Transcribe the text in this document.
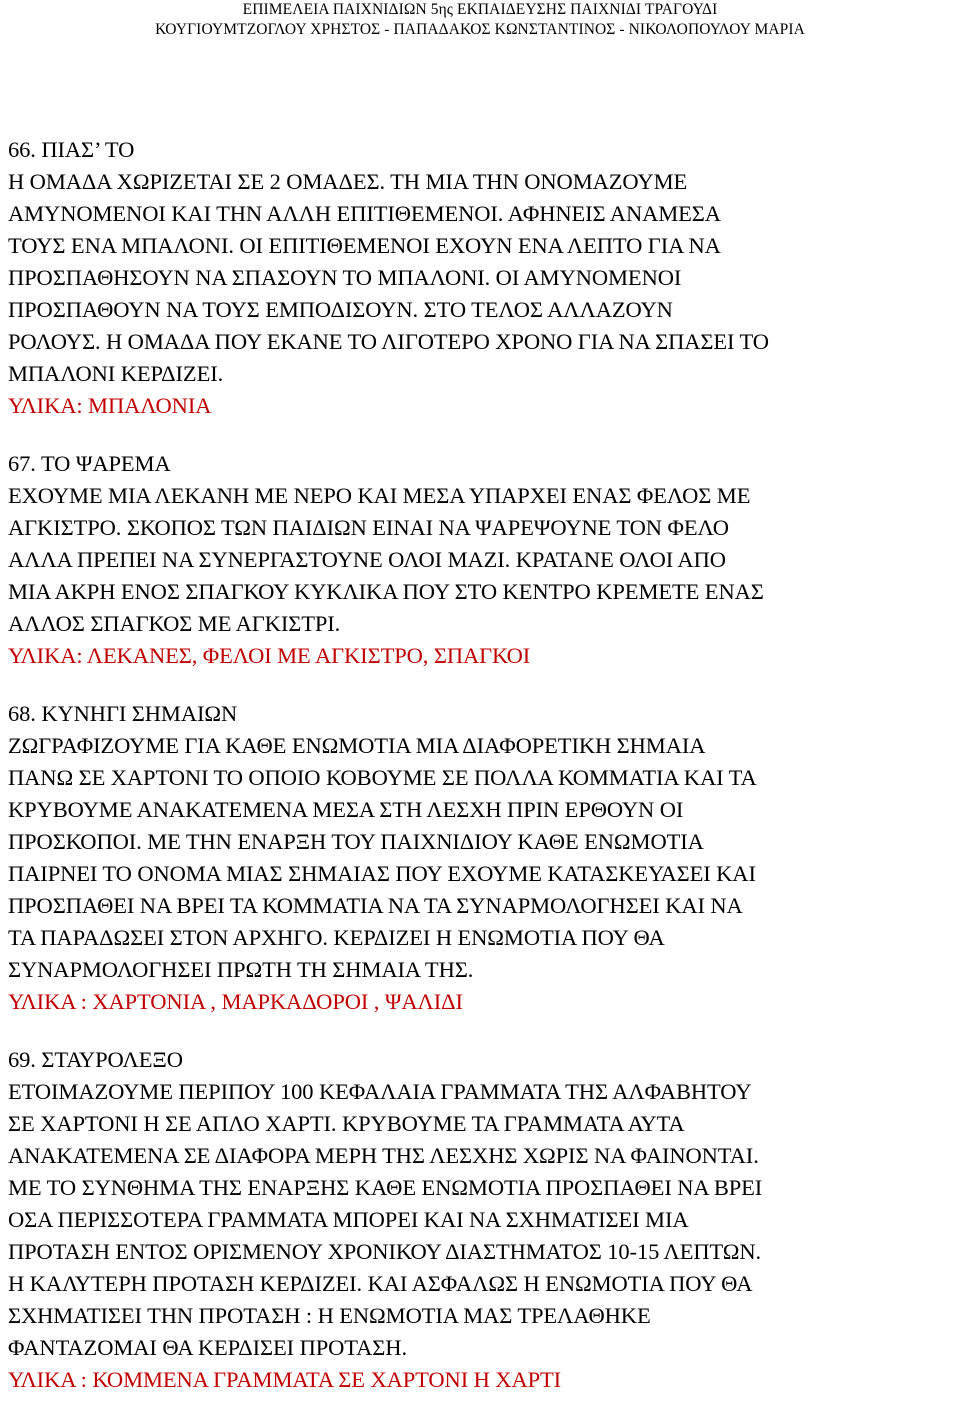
ΕΠΙΜΕΛΕΙΑ ΠΑΙΧΝΙΔΙΩΝ 5ης ΕΚΠΑΙΔΕΥΣΗΣ ΠΑΙΧΝΙΔΙ ΤΡΑΓΟΥΔΙ
ΚΟΥΓΙΟΥΜΤΖΟΓΛΟΥ ΧΡΗΣΤΟΣ - ΠΑΠΑΔΑΚΟΣ ΚΩΝΣΤΑΝΤΙΝΟΣ - ΝΙΚΟΛΟΠΟΥΛΟΥ ΜΑΡΙΑ
66. ΠΙΑΣ’ ΤΟ
Η ΟΜΑΔΑ ΧΩΡΙΖΕΤΑΙ ΣΕ 2 ΟΜΑΔΕΣ. ΤΗ ΜΙΑ ΤΗΝ ΟΝΟΜΑΖΟΥΜΕ
ΑΜΥΝΟΜΕΝΟΙ ΚΑΙ ΤΗΝ ΑΛΛΗ ΕΠΙΤΙΘΕΜΕΝΟΙ. ΑΦΗΝΕΙΣ ΑΝΑΜΕΣΑ
ΤΟΥΣ ΕΝΑ ΜΠΑΛΟΝΙ. ΟΙ ΕΠΙΤΙΘΕΜΕΝΟΙ ΕΧΟΥΝ ΕΝΑ ΛΕΠΤΟ ΓΙΑ ΝΑ
ΠΡΟΣΠΑΘΗΣΟΥΝ ΝΑ ΣΠΑΣΟΥΝ ΤΟ ΜΠΑΛΟΝΙ. ΟΙ ΑΜΥΝΟΜΕΝΟΙ
ΠΡΟΣΠΑΘΟΥΝ ΝΑ ΤΟΥΣ ΕΜΠΟΔΙΣΟΥΝ. ΣΤΟ ΤΕΛΟΣ ΑΛΛΑΖΟΥΝ
ΡΟΛΟΥΣ. Η ΟΜΑΔΑ ΠΟΥ ΕΚΑΝΕ ΤΟ ΛΙΓΟΤΕΡΟ ΧΡΟΝΟ ΓΙΑ ΝΑ ΣΠΑΣΕΙ ΤΟ
ΜΠΑΛΟΝΙ ΚΕΡΔΙΖΕΙ.
ΥΛΙΚΑ: ΜΠΑΛΟΝΙΑ
67. ΤΟ ΨΑΡΕΜΑ
ΕΧΟΥΜΕ ΜΙΑ ΛΕΚΑΝΗ ΜΕ ΝΕΡΟ ΚΑΙ ΜΕΣΑ ΥΠΑΡΧΕΙ ΕΝΑΣ ΦΕΛΟΣ ΜΕ
ΑΓΚΙΣΤΡΟ. ΣΚΟΠΟΣ ΤΩΝ ΠΑΙΔΙΩΝ ΕΙΝΑΙ ΝΑ ΨΑΡΕΨΟΥΝΕ ΤΟΝ ΦΕΛΟ
ΑΛΛΑ ΠΡΕΠΕΙ ΝΑ ΣΥΝΕΡΓΑΣΤΟΥΝΕ ΟΛΟΙ ΜΑΖΙ. ΚΡΑΤΑΝΕ ΟΛΟΙ ΑΠΟ
ΜΙΑ ΑΚΡΗ ΕΝΟΣ ΣΠΑΓΚΟΥ ΚΥΚΛΙΚΑ ΠΟΥ ΣΤΟ ΚΕΝΤΡΟ ΚΡΕΜΕΤΕ ΕΝΑΣ
ΑΛΛΟΣ ΣΠΑΓΚΟΣ ΜΕ ΑΓΚΙΣΤΡΙ.
ΥΛΙΚΑ: ΛΕΚΑΝΕΣ, ΦΕΛΟΙ ΜΕ ΑΓΚΙΣΤΡΟ, ΣΠΑΓΚΟΙ
68. ΚΥΝΗΓΙ ΣΗΜΑΙΩΝ
ΖΩΓΡΑΦΙΖΟΥΜΕ ΓΙΑ ΚΑΘΕ ΕΝΩΜΟΤΙΑ ΜΙΑ ΔΙΑΦΟΡΕΤΙΚΗ ΣΗΜΑΙΑ
ΠΑΝΩ ΣΕ ΧΑΡΤΟΝΙ ΤΟ ΟΠΟΙΟ ΚΟΒΟΥΜΕ ΣΕ ΠΟΛΛΑ ΚΟΜΜΑΤΙΑ ΚΑΙ ΤΑ
ΚΡΥΒΟΥΜΕ ΑΝΑΚΑΤΕΜΕΝΑ ΜΕΣΑ ΣΤΗ ΛΕΣΧΗ ΠΡΙΝ ΕΡΘΟΥΝ ΟΙ
ΠΡΟΣΚΟΠΟΙ. ΜΕ ΤΗΝ ΕΝΑΡΞΗ ΤΟΥ ΠΑΙΧΝΙΔΙΟΥ ΚΑΘΕ ΕΝΩΜΟΤΙΑ
ΠΑΙΡΝΕΙ ΤΟ ΟΝΟΜΑ ΜΙΑΣ ΣΗΜΑΙΑΣ ΠΟΥ ΕΧΟΥΜΕ ΚΑΤΑΣΚΕΥΑΣΕΙ ΚΑΙ
ΠΡΟΣΠΑΘΕΙ ΝΑ ΒΡΕΙ ΤΑ ΚΟΜΜΑΤΙΑ ΝΑ ΤΑ ΣΥΝΑΡΜΟΛΟΓΗΣΕΙ ΚΑΙ ΝΑ
ΤΑ ΠΑΡΑΔΩΣΕΙ ΣΤΟΝ ΑΡΧΗΓΟ. ΚΕΡΔΙΖΕΙ Η ΕΝΩΜΟΤΙΑ ΠΟΥ ΘΑ
ΣΥΝΑΡΜΟΛΟΓΗΣΕΙ ΠΡΩΤΗ ΤΗ ΣΗΜΑΙΑ ΤΗΣ.
ΥΛΙΚΑ : ΧΑΡΤΟΝΙΑ , ΜΑΡΚΑΔΟΡΟΙ , ΨΑΛΙΔΙ
69. ΣΤΑΥΡΟΛΕΞΟ
ΕΤΟΙΜΑΖΟΥΜΕ ΠΕΡΙΠΟΥ 100 ΚΕΦΑΛΑΙΑ ΓΡΑΜΜΑΤΑ ΤΗΣ ΑΛΦΑΒΗΤΟΥ
ΣΕ ΧΑΡΤΟΝΙ Η ΣΕ ΑΠΛΟ ΧΑΡΤΙ. ΚΡΥΒΟΥΜΕ ΤΑ ΓΡΑΜΜΑΤΑ ΑΥΤΑ
ΑΝΑΚΑΤΕΜΕΝΑ ΣΕ ΔΙΑΦΟΡΑ ΜΕΡΗ ΤΗΣ ΛΕΣΧΗΣ ΧΩΡΙΣ ΝΑ ΦΑΙΝΟΝΤΑΙ.
ΜΕ ΤΟ ΣΥΝΘΗΜΑ ΤΗΣ ΕΝΑΡΞΗΣ ΚΑΘΕ ΕΝΩΜΟΤΙΑ ΠΡΟΣΠΑΘΕΙ ΝΑ ΒΡΕΙ
ΟΣΑ ΠΕΡΙΣΣΟΤΕΡΑ ΓΡΑΜΜΑΤΑ ΜΠΟΡΕΙ ΚΑΙ ΝΑ ΣΧΗΜΑΤΙΣΕΙ ΜΙΑ
ΠΡΟΤΑΣΗ ΕΝΤΟΣ ΟΡΙΣΜΕΝΟΥ ΧΡΟΝΙΚΟΥ ΔΙΑΣΤΗΜΑΤΟΣ 10-15 ΛΕΠΤΩΝ.
Η ΚΑΛΥΤΕΡΗ ΠΡΟΤΑΣΗ ΚΕΡΔΙΖΕΙ. ΚΑΙ ΑΣΦΑΛΩΣ Η ΕΝΩΜΟΤΙΑ ΠΟΥ ΘΑ
ΣΧΗΜΑΤΙΣΕΙ ΤΗΝ ΠΡΟΤΑΣΗ : Η ΕΝΩΜΟΤΙΑ ΜΑΣ ΤΡΕΛΑΘΗΚΕ
ΦΑΝΤΑΖΟΜΑΙ ΘΑ ΚΕΡΔΙΣΕΙ ΠΡΟΤΑΣΗ.
ΥΛΙΚΑ : ΚΟΜΜΕΝΑ ΓΡΑΜΜΑΤΑ ΣΕ ΧΑΡΤΟΝΙ Η ΧΑΡΤΙ
